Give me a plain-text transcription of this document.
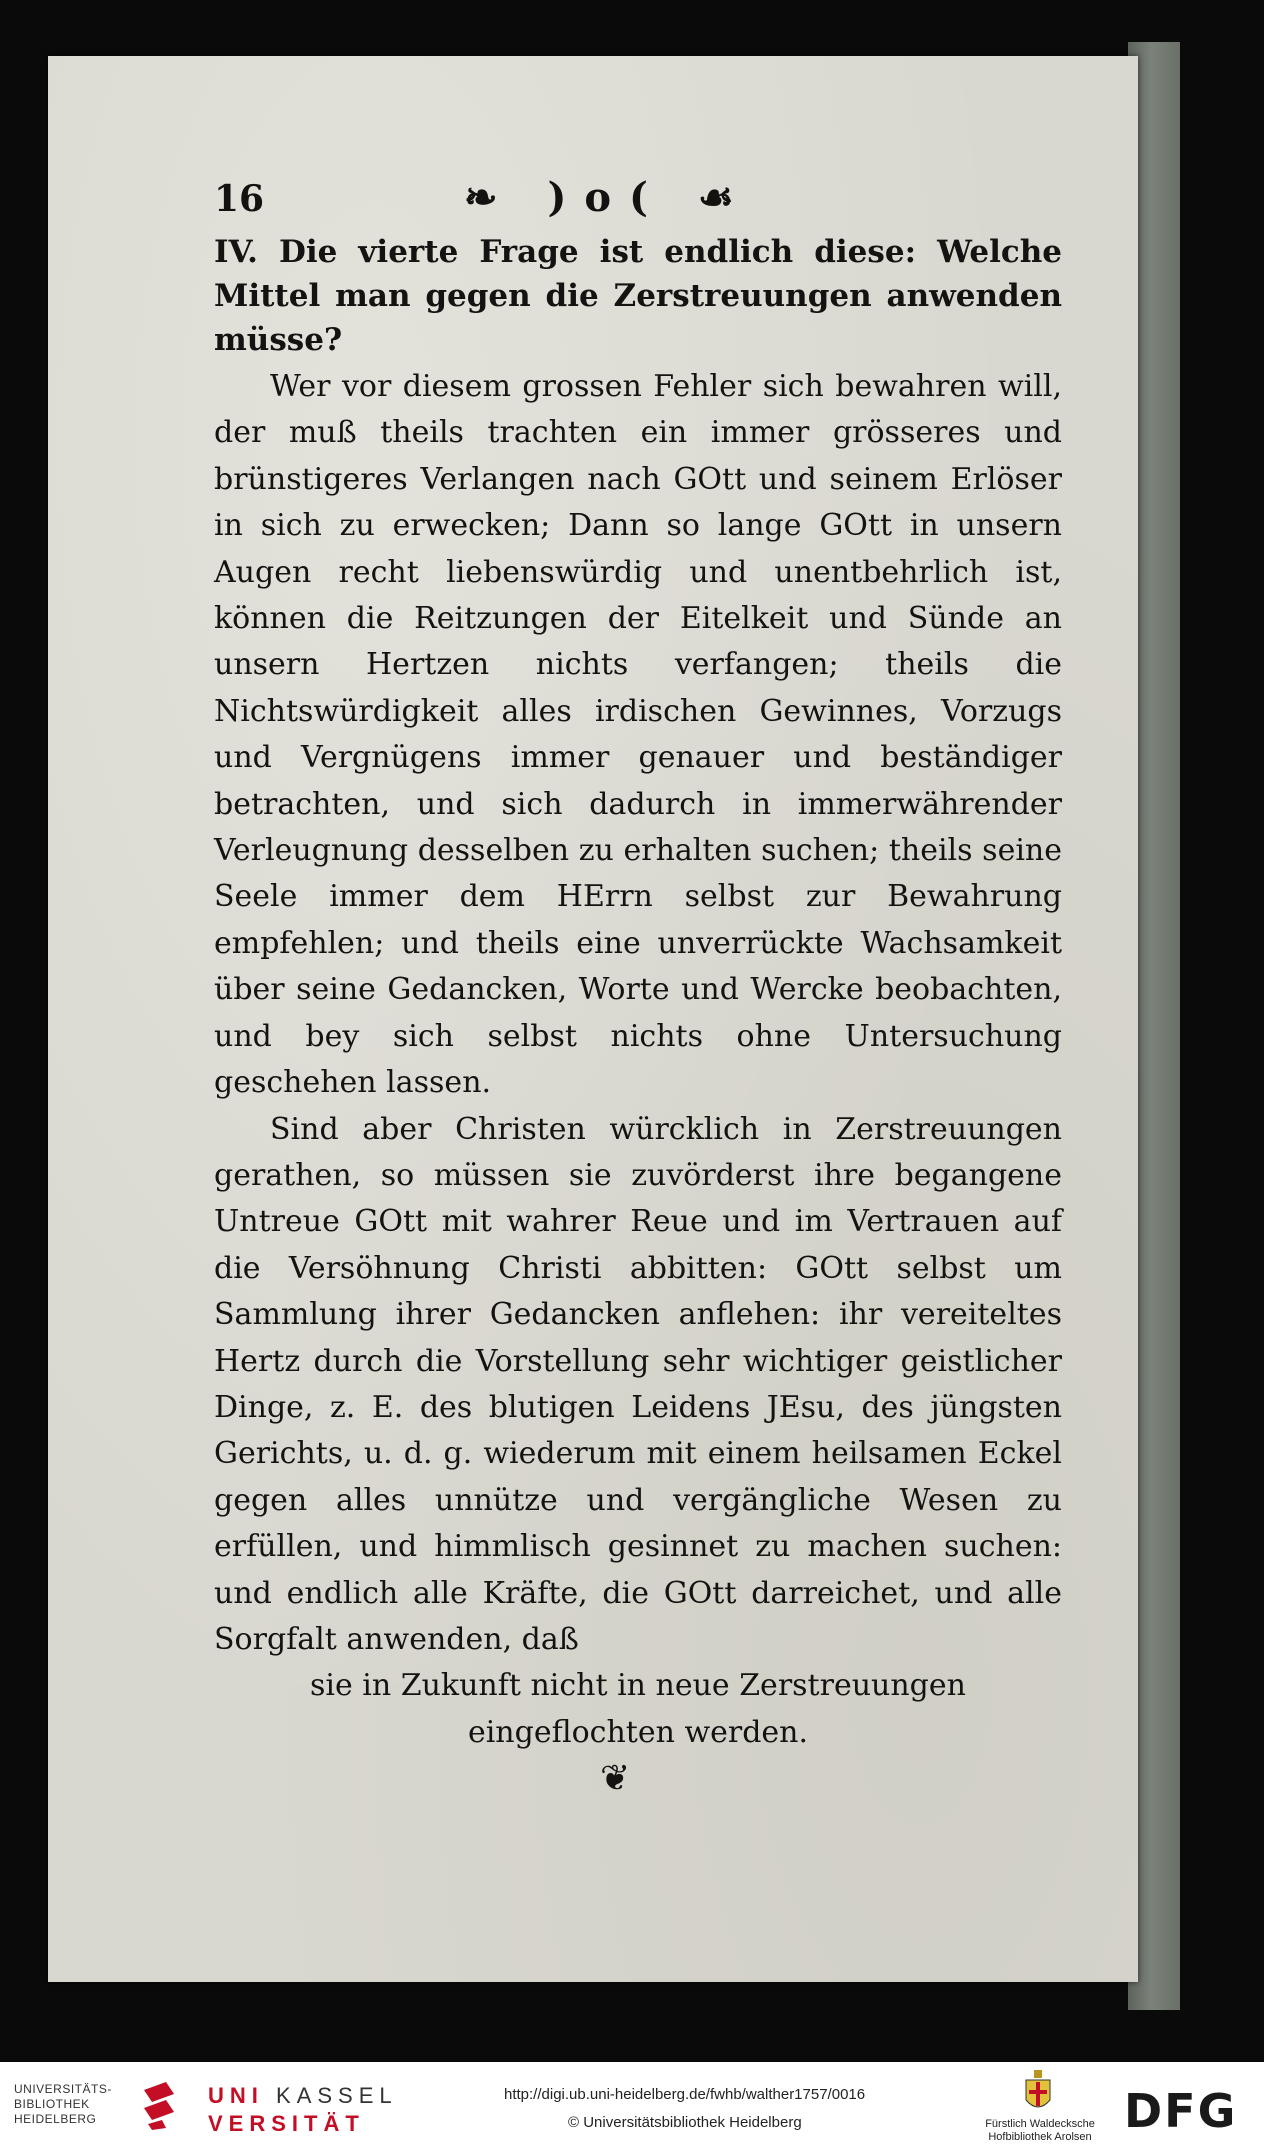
16	❧ )o( ☙

IV. Die vierte Frage ist endlich diese: Welche Mittel man gegen die Zerstreuungen anwenden müsse?

Wer vor diesem grossen Fehler sich bewahren will, der muß theils trachten ein immer grösseres und brünstigeres Verlangen nach GOtt und seinem Erlöser in sich zu erwecken; Dann so lange GOtt in unsern Augen recht liebenswürdig und unentbehrlich ist, können die Reitzungen der Eitelkeit und Sünde an unsern Hertzen nichts verfangen; theils die Nichtswürdigkeit alles irdischen Gewinnes, Vorzugs und Vergnügens immer genauer und beständiger betrachten, und sich dadurch in immerwährender Verleugnung desselben zu erhalten suchen; theils seine Seele immer dem HErrn selbst zur Bewahrung empfehlen; und theils eine unverrückte Wachsamkeit über seine Gedancken, Worte und Wercke beobachten, und bey sich selbst nichts ohne Untersuchung geschehen lassen.

Sind aber Christen würcklich in Zerstreuungen gerathen, so müssen sie zuvörderst ihre begangene Untreue GOtt mit wahrer Reue und im Vertrauen auf die Versöhnung Christi abbitten: GOtt selbst um Sammlung ihrer Gedancken anflehen: ihr vereiteltes Hertz durch die Vorstellung sehr wichtiger geistlicher Dinge, z. E. des blutigen Leidens JEsu, des jüngsten Gerichts, u. d. g. wiederum mit einem heilsamen Eckel gegen alles unnütze und vergängliche Wesen zu erfüllen, und himmlisch gesinnet zu machen suchen: und endlich alle Kräfte, die GOtt darreichet, und alle Sorgfalt anwenden, daß

sie in Zukunft nicht in neue Zerstreuungen

eingeflochten werden.

❦
UNIVERSITÄTS-
BIBLIOTHEK
HEIDELBERG
UNI KASSEL
VERSITÄT
http://digi.ub.uni-heidelberg.de/fwhb/walther1757/0016
© Universitätsbibliothek Heidelberg	Fürstlich Waldecksche
Hofbibliothek Arolsen DFG
